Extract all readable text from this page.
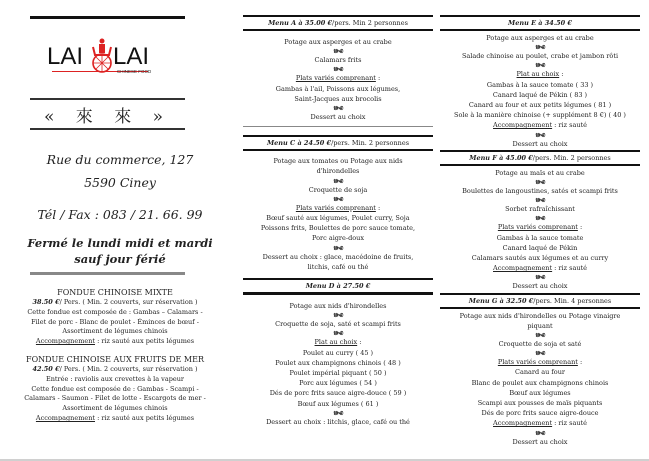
LAI LAI
CHINESE FOOD
« 來 來 »
Rue du commerce, 127
5590 Ciney
Tél / Fax : 083 / 21. 66. 99
Fermé le lundi midi et mardi
sauf jour férié
FONDUE CHINOISE MIXTE
38.50 €/ Pers. ( Min. 2 couverts, sur réservation )
Cette fondue est composée de : Gambas – Calamars -
Filet de porc - Blanc de poulet - Éminces de bœuf -
Assortiment de légumes chinois
Accompagnement : riz sauté aux petits légumes
FONDUE CHINOISE AUX FRUITS DE MER
42.50 €/ Pers. ( Min. 2 couverts, sur réservation )
Entrée : raviolis aux crevettes à la vapeur
Cette fondue est composée de : Gambas - Scampi -
Calamars - Saumon - Filet de lotte - Escargots de mer -
Assortiment de légumes chinois
Accompagnement : riz sauté aux petits légumes
Menu A à 35.00 €/pers. Min 2 personnes
Potage aux asperges et au crabe
ഋഎ
Calamars frits
ഋഎ
Plats variés comprenant :
Gambas à l'ail, Poissons aux légumes,
Saint-Jacques aux brocolis
ഋഎ
Dessert au choix
Menu C à 24.50 €/pers. Min. 2 personnes
Potage aux tomates ou Potage aux nids
d'hirondelles
ഋഎ
Croquette de soja
ഋഎ
Plats variés comprenant :
Bœuf sauté aux légumes, Poulet curry, Soja
Poissons frits, Boulettes de porc sauce tomate,
Porc aigre-doux
ഋഎ
Dessert au choix : glace, macédoine de fruits,
litchis, café ou thé
Menu D à 27.50 €
Potage aux nids d'hirondelles
ഋഎ
Croquette de soja, saté et scampi frits
ഋഎ
Plat au choix :
Poulet au curry ( 45 )
Poulet aux champignons chinois ( 48 )
Poulet impérial piquant ( 50 )
Porc aux légumes ( 54 )
Dés de porc frits sauce aigre-douce ( 59 )
Bœuf aux légumes ( 61 )
ഋഎ
Dessert au choix : litchis, glace, café ou thé
Menu E à 34.50 €
Potage aux asperges et au crabe
ഋഎ
Salade chinoise au poulet, crabe et jambon rôti
ഋഎ
Plat au choix :
Gambas à la sauce tomate ( 33 )
Canard laqué de Pékin ( 83 )
Canard au four et aux petits légumes ( 81 )
Sole à la manière chinoise (+ supplément 8 €) ( 40 )
Accompagnement : riz sauté
ഋഎ
Dessert au choix
Menu F à 45.00 €/pers. Min. 2 personnes
Potage au maïs et au crabe
ഋഎ
Boulettes de langoustines, satés et scampi frits
ഋഎ
Sorbet rafraîchissant
ഋഎ
Plats variés comprenant :
Gambas à la sauce tomate
Canard laqué de Pékin
Calamars sautés aux légumes et au curry
Accompagnement : riz sauté
ഋഎ
Dessert au choix
Menu G à 32.50 €/pers. Min. 4 personnes
Potage aux nids d'hirondelles ou Potage vinaigre
piquant
ഋഎ
Croquette de soja et saté
ഋഎ
Plats variés comprenant :
Canard au four
Blanc de poulet aux champignons chinois
Bœuf aux légumes
Scampi aux pousses de maïs piquants
Dés de porc frits sauce aigre-douce
Accompagnement : riz sauté
ഋഎ
Dessert au choix
